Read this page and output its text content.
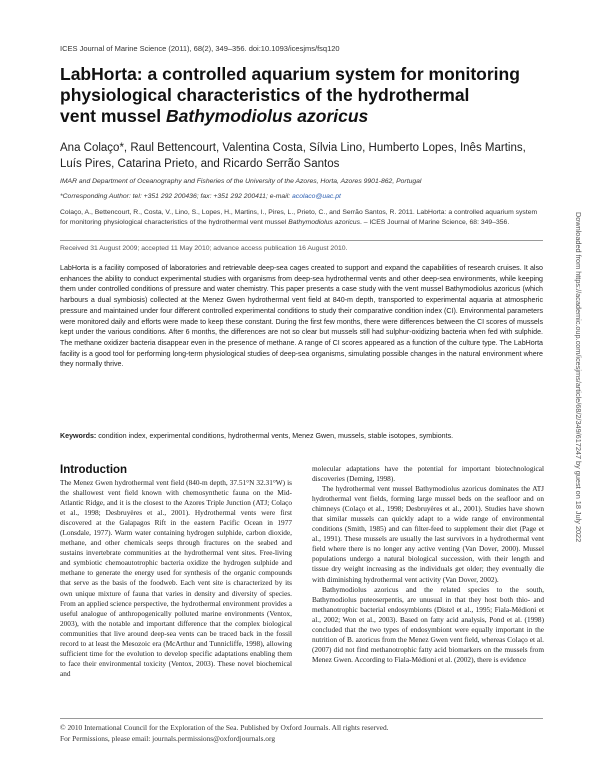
ICES Journal of Marine Science (2011), 68(2), 349–356. doi:10.1093/icesjms/fsq120
LabHorta: a controlled aquarium system for monitoring
physiological characteristics of the hydrothermal
vent mussel Bathymodiolus azoricus
Ana Colaço*, Raul Bettencourt, Valentina Costa, Sílvia Lino, Humberto Lopes, Inês Martins,
Luís Pires, Catarina Prieto, and Ricardo Serrão Santos
IMAR and Department of Oceanography and Fisheries of the University of the Azores, Horta, Azores 9901-862, Portugal
*Corresponding Author: tel: +351 292 200436; fax: +351 292 200411; e-mail: acolaco@uac.pt
Colaço, A., Bettencourt, R., Costa, V., Lino, S., Lopes, H., Martins, I., Pires, L., Prieto, C., and Serrão Santos, R. 2011. LabHorta: a controlled aquarium system for monitoring physiological characteristics of the hydrothermal vent mussel Bathymodiolus azoricus. – ICES Journal of Marine Science, 68: 349–356.
Received 31 August 2009; accepted 11 May 2010; advance access publication 16 August 2010.
LabHorta is a facility composed of laboratories and retrievable deep-sea cages created to support and expand the capabilities of research cruises. It also enhances the ability to conduct experimental studies with organisms from deep-sea hydrothermal vents and other deep-sea environments, while keeping them under controlled conditions of pressure and water chemistry. This paper presents a case study with the vent mussel Bathymodiolus azoricus (which harbours a dual symbiosis) collected at the Menez Gwen hydrothermal vent field at 840-m depth, transported to experimental aquaria at atmospheric pressure and maintained under four different controlled experimental conditions to study their comparative condition index (CI). Environmental parameters were monitored daily and efforts were made to keep these constant. During the first few months, there were differences between the CI scores of mussels kept under the various conditions. After 6 months, the differences are not so clear but mussels still had sulphur-oxidizing bacteria when fed with sulphide. The methane oxidizer bacteria disappear even in the presence of methane. A range of CI scores appeared as a function of the culture type. The LabHorta facility is a good tool for performing long-term physiological studies of deep-sea organisms, simulating possible changes in the natural environment where they normally thrive.
Keywords: condition index, experimental conditions, hydrothermal vents, Menez Gwen, mussels, stable isotopes, symbionts.
Introduction

The Menez Gwen hydrothermal vent field (840-m depth, 37.51°N 32.31°W) is the shallowest vent field known with chemosynthetic fauna on the Mid-Atlantic Ridge, and it is the closest to the Azores Triple Junction (ATJ; Colaço et al., 1998; Desbruyères et al., 2001). Hydrothermal vents were first discovered at the Galapagos Rift in the eastern Pacific Ocean in 1977 (Lonsdale, 1977). Warm water containing hydrogen sulphide, carbon dioxide, methane, and other chemicals seeps through fractures on the seabed and sustains invertebrate communities at the hydrothermal vent sites. Free-living and symbiotic chemoautotrophic bacteria oxidize the hydrogen sulphide and methane to generate the energy used for synthesis of the organic compounds that serve as the basis of the foodweb. Each vent site is characterized by its own unique mixture of fauna that varies in density and diversity of species. From an applied science perspective, the hydrothermal environment provides a useful analogue of anthropogenically polluted marine environments (Ventox, 2003), with the notable and important difference that the complex biological communities that live around deep-sea vents can be traced back in the fossil record to at least the Mesozoic era (McArthur and Tunnicliffe, 1998), allowing sufficient time for the evolution to develop specific adaptations enabling them to face their environmental toxicity (Ventox, 2003). These novel biochemical and

molecular adaptations have the potential for important biotechnological discoveries (Deming, 1998).

The hydrothermal vent mussel Bathymodiolus azoricus dominates the ATJ hydrothermal vent fields, forming large mussel beds on the seafloor and on chimneys (Colaço et al., 1998; Desbruyères et al., 2001). Studies have shown that similar mussels can quickly adapt to a wide range of environmental conditions (Smith, 1985) and can filter-feed to supplement their diet (Page et al., 1991). These mussels are usually the last survivors in a hydrothermal vent field where there is no longer any active venting (Van Dover, 2000). Mussel populations undergo a natural biological succession, with their length and tissue dry weight increasing as the individuals get older; they eventually die with diminishing hydrothermal vent activity (Van Dover, 2002).

Bathymodiolus azoricus and the related species to the south, Bathymodiolus puteoserpentis, are unusual in that they host both thio- and methanotrophic bacterial endosymbionts (Distel et al., 1995; Fiala-Médioni et al., 2002; Won et al., 2003). Based on fatty acid analysis, Pond et al. (1998) concluded that the two types of endosymbiont were equally important in the nutrition of B. azoricus from the Menez Gwen vent field, whereas Colaço et al. (2007) did not find methanotrophic fatty acid biomarkers on the mussels from Menez Gwen. According to Fiala-Médioni et al. (2002), there is evidence

© 2010 International Council for the Exploration of the Sea. Published by Oxford Journals. All rights reserved.
For Permissions, please email: journals.permissions@oxfordjournals.org
Downloaded from https://academic.oup.com/icesjms/article/68/2/349/617247 by guest on 18 July 2022
